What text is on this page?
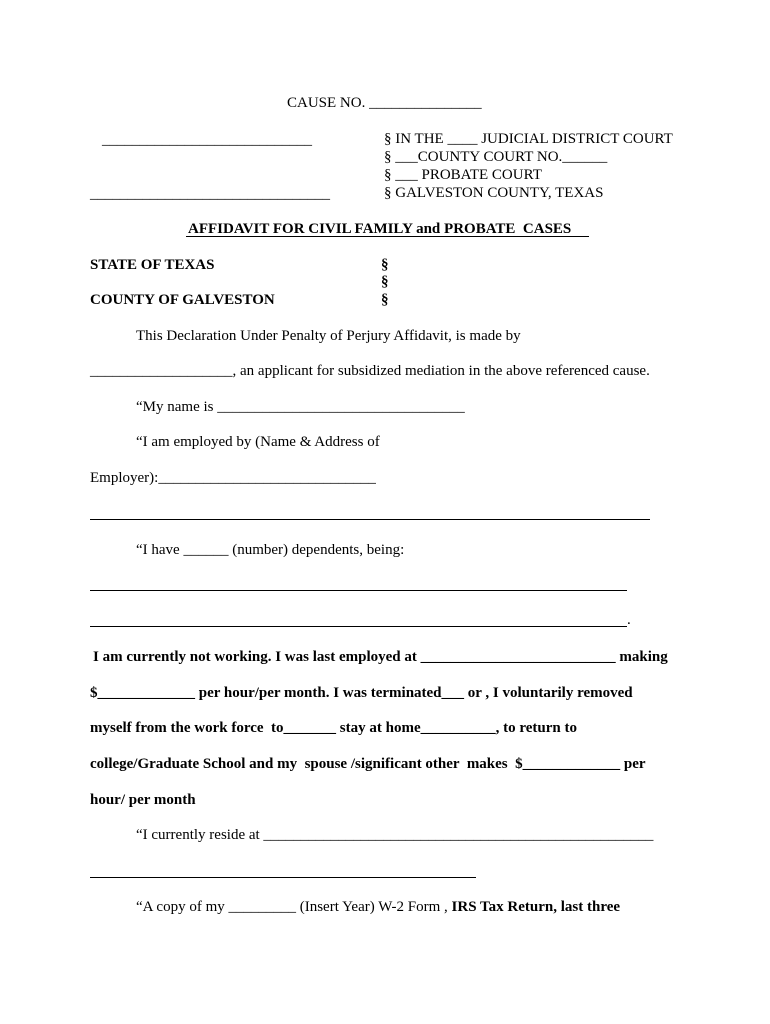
CAUSE NO. _______________
____________________________
________________________________
§ IN THE ____ JUDICIAL DISTRICT COURT
§ ___COUNTY COURT NO.______
§ ___ PROBATE COURT
§ GALVESTON COUNTY, TEXAS
AFFIDAVIT FOR CIVIL FAMILY and PROBATE  CASES
STATE OF TEXAS
COUNTY OF GALVESTON
§
§
§
This Declaration Under Penalty of Perjury Affidavit, is made by
___________________, an applicant for subsidized mediation in the above referenced cause.
“My name is _________________________________
“I am employed by (Name & Address of
Employer):_____________________________
“I have ______ (number) dependents, being:
.
I am currently not working. I was last employed at __________________________ making
$_____________ per hour/per month. I was terminated___ or , I voluntarily removed
myself from the work force  to_______ stay at home__________, to return to
college/Graduate School and my  spouse /significant other  makes  $_____________ per
hour/ per month
“I currently reside at ____________________________________________________
“A copy of my _________ (Insert Year) W-2 Form , IRS Tax Return, last three
